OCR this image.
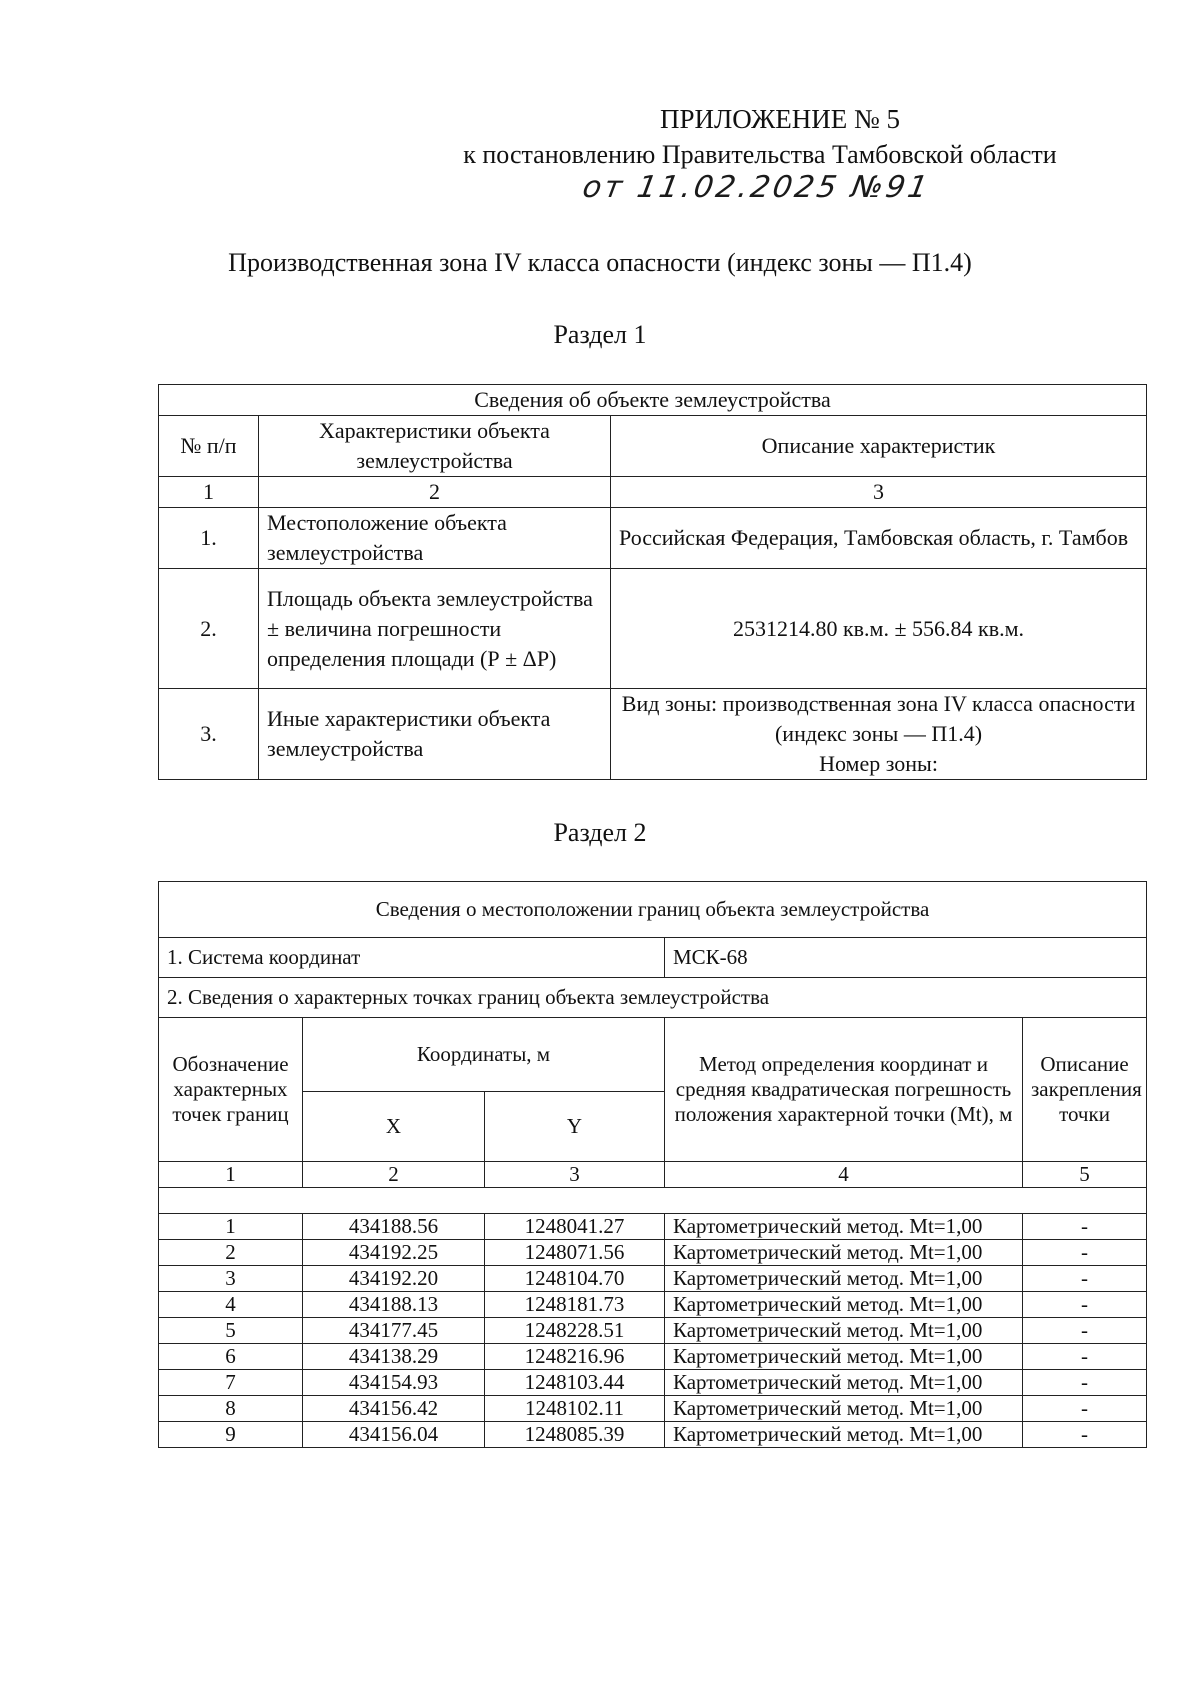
ПРИЛОЖЕНИЕ № 5
к постановлению Правительства Тамбовской области
от 11.02.2025 №91
Производственная зона IV класса опасности (индекс зоны — П1.4)
Раздел 1
Сведения об объекте землеустройства		
№ п/п	Характеристики объекта землеустройства	Описание характеристик
1	2	3
1.	Местоположение объекта землеустройства	Российская Федерация, Тамбовская область, г. Тамбов
2.	Площадь объекта землеустройства ± величина погрешности определения площади (Р ± ΔР)	2531214.80 кв.м. ± 556.84 кв.м.
3.	Иные характеристики объекта землеустройства	Вид зоны: производственная зона IV класса опасности (индекс зоны — П1.4)
Номер зоны:
Раздел 2
Сведения о местоположении границ объекта землеустройства				
1. Система координат			МСК-68	
2. Сведения о характерных точках границ объекта землеустройства				
Обозначение характерных точек границ	Координаты, м		Метод определения координат и средняя квадратическая погрешность положения характерной точки (Мt), м	Описание закрепления точки
	X	Y		
1	2	3	4	5

1	434188.56	1248041.27	Картометрический метод. Mt=1,00	-
2	434192.25	1248071.56	Картометрический метод. Mt=1,00	-
3	434192.20	1248104.70	Картометрический метод. Mt=1,00	-
4	434188.13	1248181.73	Картометрический метод. Mt=1,00	-
5	434177.45	1248228.51	Картометрический метод. Mt=1,00	-
6	434138.29	1248216.96	Картометрический метод. Mt=1,00	-
7	434154.93	1248103.44	Картометрический метод. Mt=1,00	-
8	434156.42	1248102.11	Картометрический метод. Mt=1,00	-
9	434156.04	1248085.39	Картометрический метод. Mt=1,00	-
